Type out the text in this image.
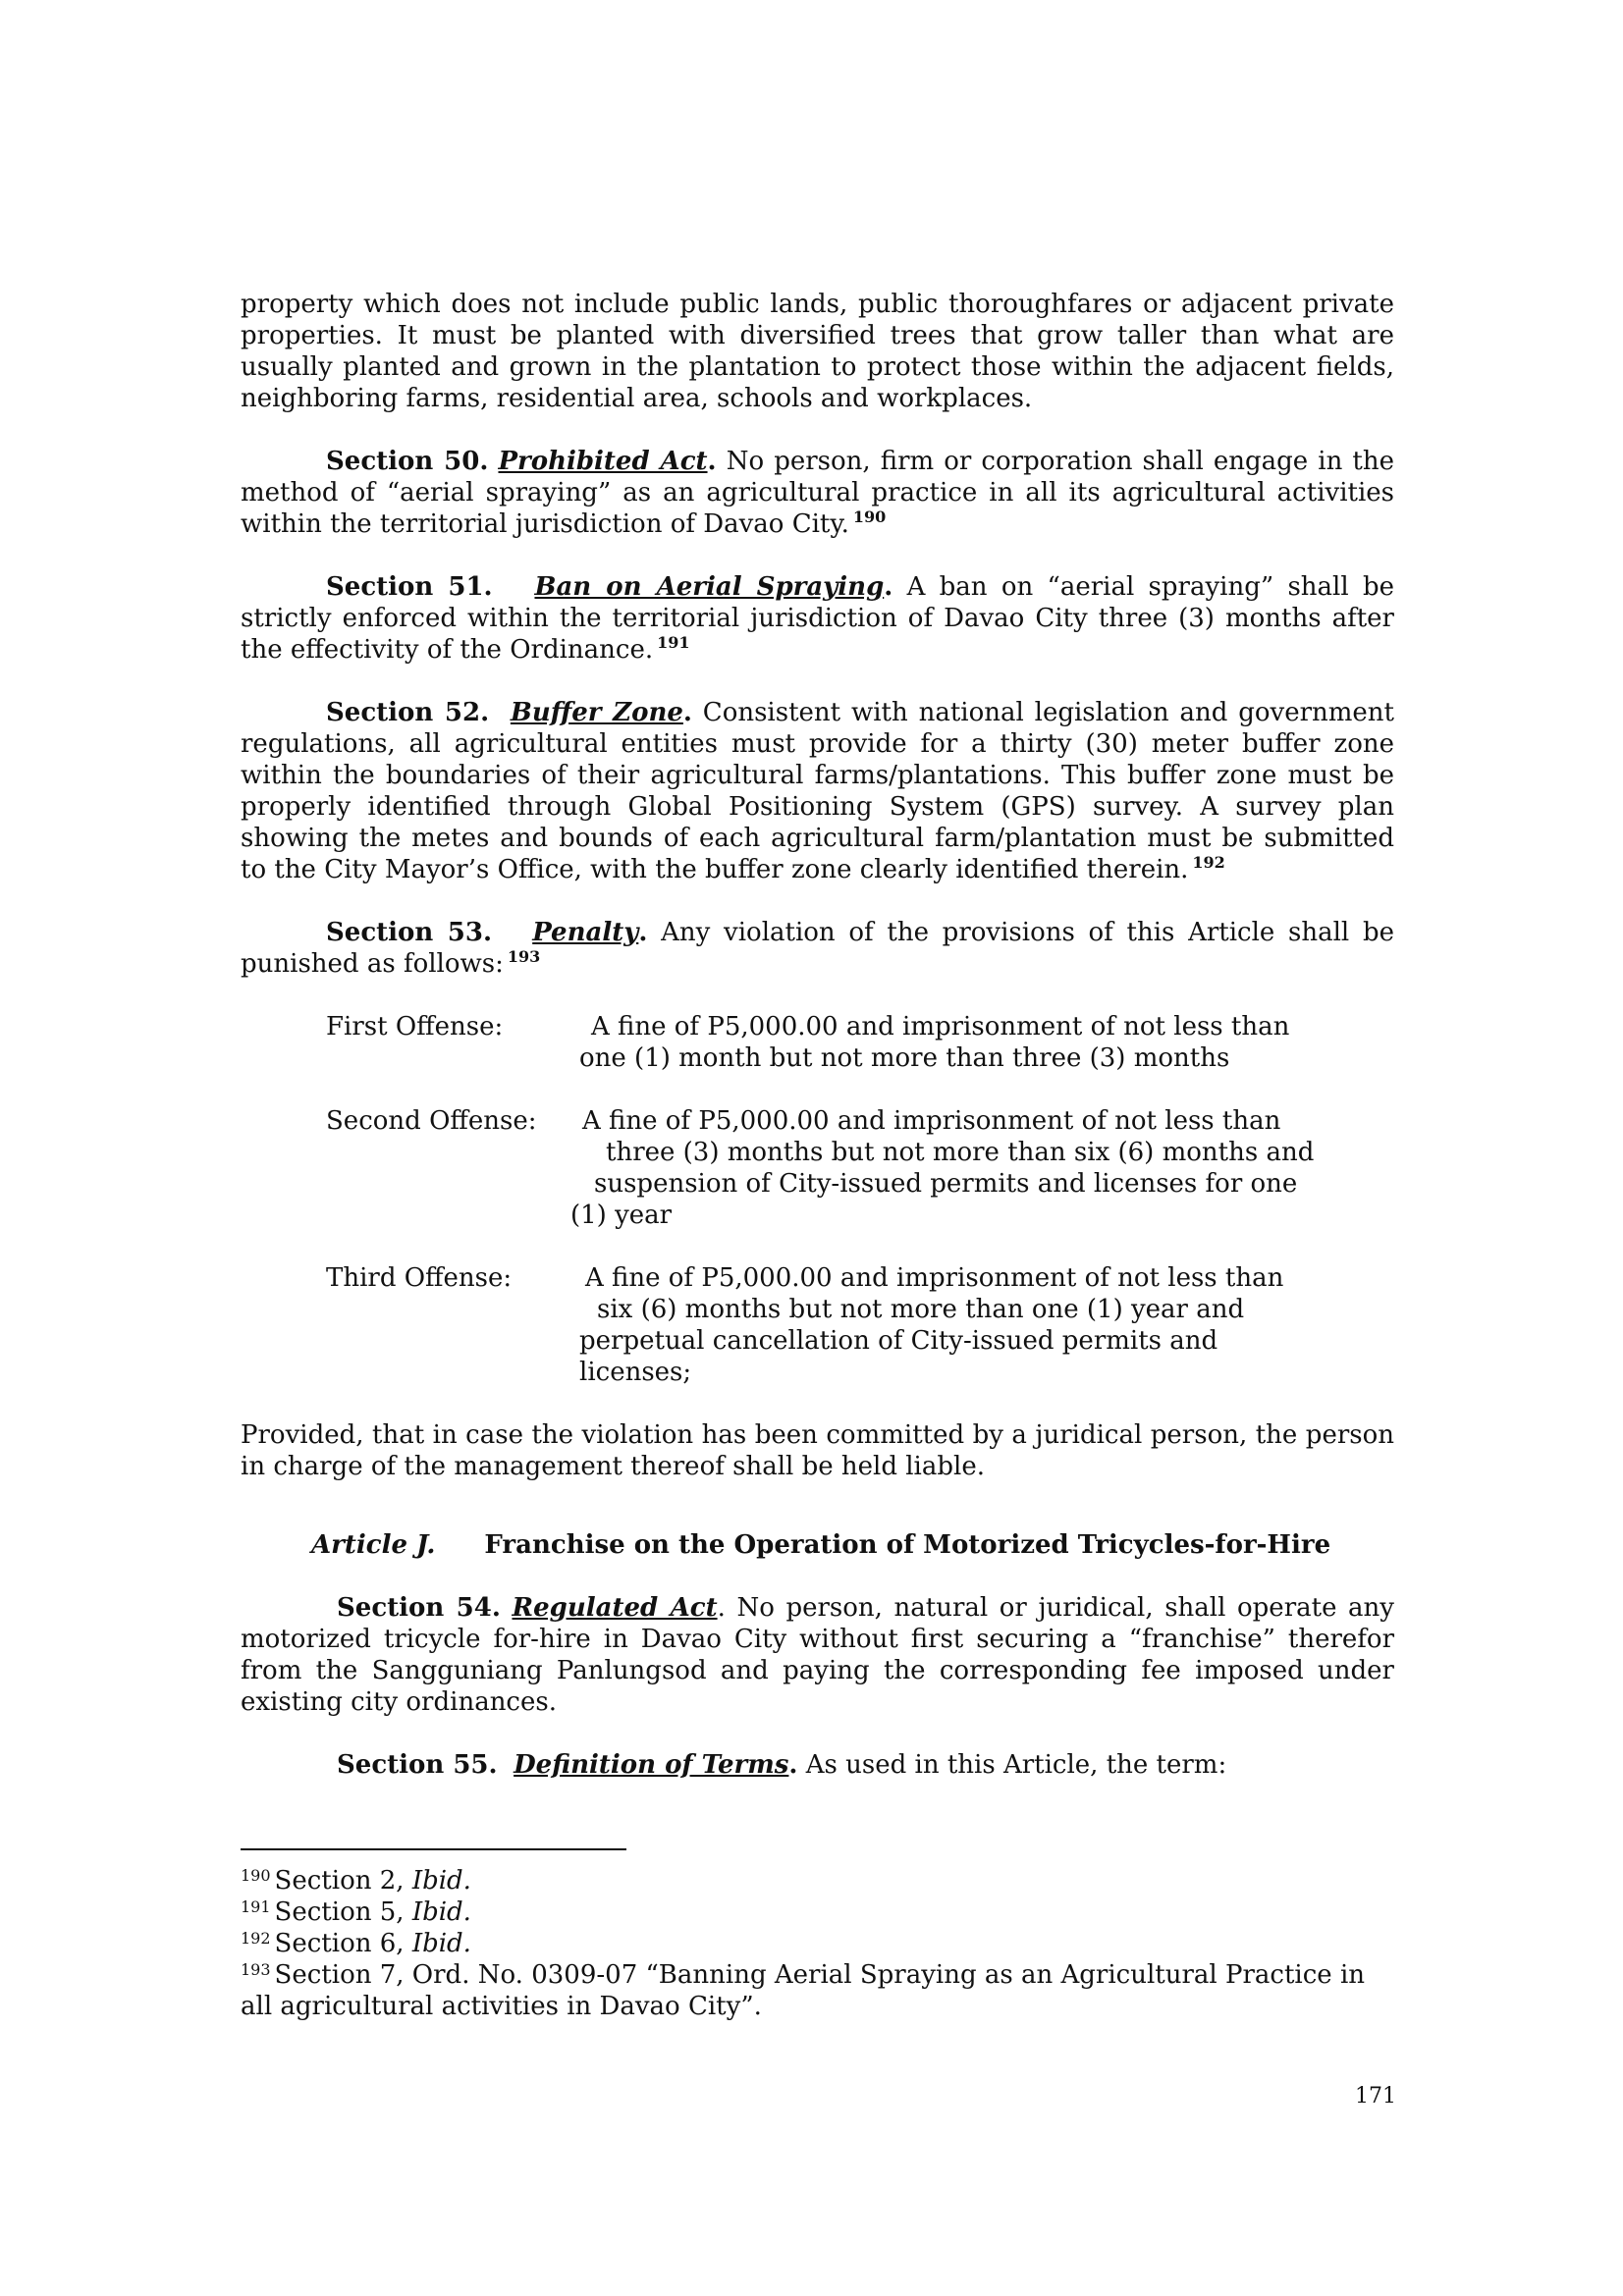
property which does not include public lands, public thoroughfares or adjacent private properties. It must be planted with diversified trees that grow taller than what are usually planted and grown in the plantation to protect those within the adjacent fields, neighboring farms, residential area, schools and workplaces.

Section 50. Prohibited Act. No person, firm or corporation shall engage in the method of “aerial spraying” as an agricultural practice in all its agricultural activities within the territorial jurisdiction of Davao City. $^{190}$

Section 51. Ban on Aerial Spraying. A ban on “aerial spraying” shall be strictly enforced within the territorial jurisdiction of Davao City three (3) months after the effectivity of the Ordinance. $^{191}$

Section 52. Buffer Zone. Consistent with national legislation and government regulations, all agricultural entities must provide for a thirty (30) meter buffer zone within the boundaries of their agricultural farms/plantations. This buffer zone must be properly identified through Global Positioning System (GPS) survey. A survey plan showing the metes and bounds of each agricultural farm/plantation must be submitted to the City Mayor’s Office, with the buffer zone clearly identified therein. $^{192}$

Section 53. Penalty. Any violation of the provisions of this Article shall be punished as follows: $^{193}$

First Offense:	A fine of P5,000.00 and imprisonment of not less than
one (1) month but not more than three (3) months
Second Offense:	A fine of P5,000.00 and imprisonment of not less than
three (3) months but not more than six (6) months and
suspension of City-issued permits and licenses for one
(1) year
Third Offense:	A fine of P5,000.00 and imprisonment of not less than
six (6) months but not more than one (1) year and
perpetual cancellation of City-issued permits and
licenses;

Provided, that in case the violation has been committed by a juridical person, the person in charge of the management thereof shall be held liable.

Article J. Franchise on the Operation of Motorized Tricycles-for-Hire

Section 54. Regulated Act. No person, natural or juridical, shall operate any motorized tricycle for-hire in Davao City without first securing a “franchise” therefor from the Sangguniang Panlungsod and paying the corresponding fee imposed under existing city ordinances.

Section 55. Definition of Terms. As used in this Article, the term:

$^{190}$ Section 2, Ibid.

$^{191}$ Section 5, Ibid.

$^{192}$ Section 6, Ibid.

$^{193}$ Section 7, Ord. No. 0309-07 “Banning Aerial Spraying as an Agricultural Practice in all agricultural activities in Davao City”.

171
